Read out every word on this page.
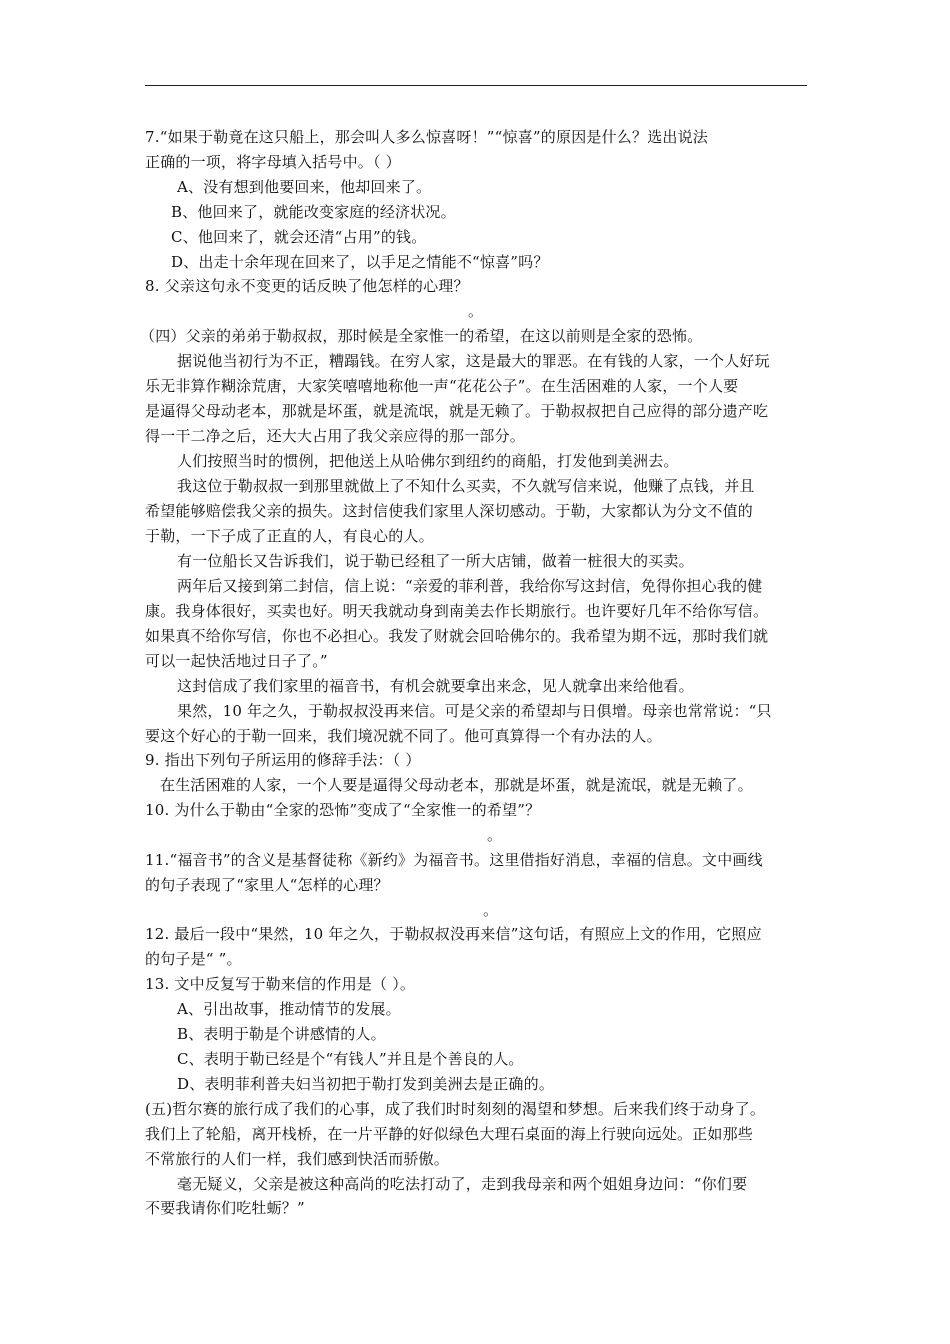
7.“如果于勒竟在这只船上，那会叫人多么惊喜呀！”“惊喜”的原因是什么？选出说法
正确的一项，将字母填入括号中。（ ）
A、没有想到他要回来，他却回来了。
B、他回来了，就能改变家庭的经济状况。
C、他回来了，就会还清“占用”的钱。
D、出走十余年现在回来了，以手足之情能不“惊喜”吗？
8. 父亲这句永不变更的话反映了他怎样的心理？
。
（四）父亲的弟弟于勒叔叔，那时候是全家惟一的希望，在这以前则是全家的恐怖。
据说他当初行为不正，糟蹋钱。在穷人家，这是最大的罪恶。在有钱的人家，一个人好玩
乐无非算作糊涂荒唐，大家笑嘻嘻地称他一声“花花公子”。在生活困难的人家，一个人要
是逼得父母动老本，那就是坏蛋，就是流氓，就是无赖了。于勒叔叔把自己应得的部分遗产吃
得一干二净之后，还大大占用了我父亲应得的那一部分。
人们按照当时的惯例，把他送上从哈佛尔到纽约的商船，打发他到美洲去。
我这位于勒叔叔一到那里就做上了不知什么买卖，不久就写信来说，他赚了点钱，并且
希望能够赔偿我父亲的损失。这封信使我们家里人深切感动。于勒，大家都认为分文不值的
于勒，一下子成了正直的人，有良心的人。
有一位船长又告诉我们，说于勒已经租了一所大店铺，做着一桩很大的买卖。
两年后又接到第二封信，信上说：“亲爱的菲利普，我给你写这封信，免得你担心我的健
康。我身体很好，买卖也好。明天我就动身到南美去作长期旅行。也许要好几年不给你写信。
如果真不给你写信，你也不必担心。我发了财就会回哈佛尔的。我希望为期不远，那时我们就
可以一起快活地过日子了。”
这封信成了我们家里的福音书，有机会就要拿出来念，见人就拿出来给他看。
果然，10 年之久，于勒叔叔没再来信。可是父亲的希望却与日俱增。母亲也常常说：“只
要这个好心的于勒一回来，我们境况就不同了。他可真算得一个有办法的人。
9. 指出下列句子所运用的修辞手法：（ ）
在生活困难的人家，一个人要是逼得父母动老本，那就是坏蛋，就是流氓，就是无赖了。
10. 为什么于勒由“全家的恐怖”变成了“全家惟一的希望”？
。
11.“福音书”的含义是基督徒称《新约》为福音书。这里借指好消息，幸福的信息。文中画线
的句子表现了“家里人“怎样的心理？
。
12. 最后一段中“果然，10 年之久，于勒叔叔没再来信”这句话，有照应上文的作用，它照应
的句子是“ ”。
13. 文中反复写于勒来信的作用是（ ）。
A、引出故事，推动情节的发展。
B、表明于勒是个讲感情的人。
C、表明于勒已经是个“有钱人”并且是个善良的人。
D、表明菲利普夫妇当初把于勒打发到美洲去是正确的。
(五)哲尔赛的旅行成了我们的心事，成了我们时时刻刻的渴望和梦想。后来我们终于动身了。
我们上了轮船，离开栈桥，在一片平静的好似绿色大理石桌面的海上行驶向远处。正如那些
不常旅行的人们一样，我们感到快活而骄傲。
毫无疑义，父亲是被这种高尚的吃法打动了，走到我母亲和两个姐姐身边问：“你们要
不要我请你们吃牡蛎？”
